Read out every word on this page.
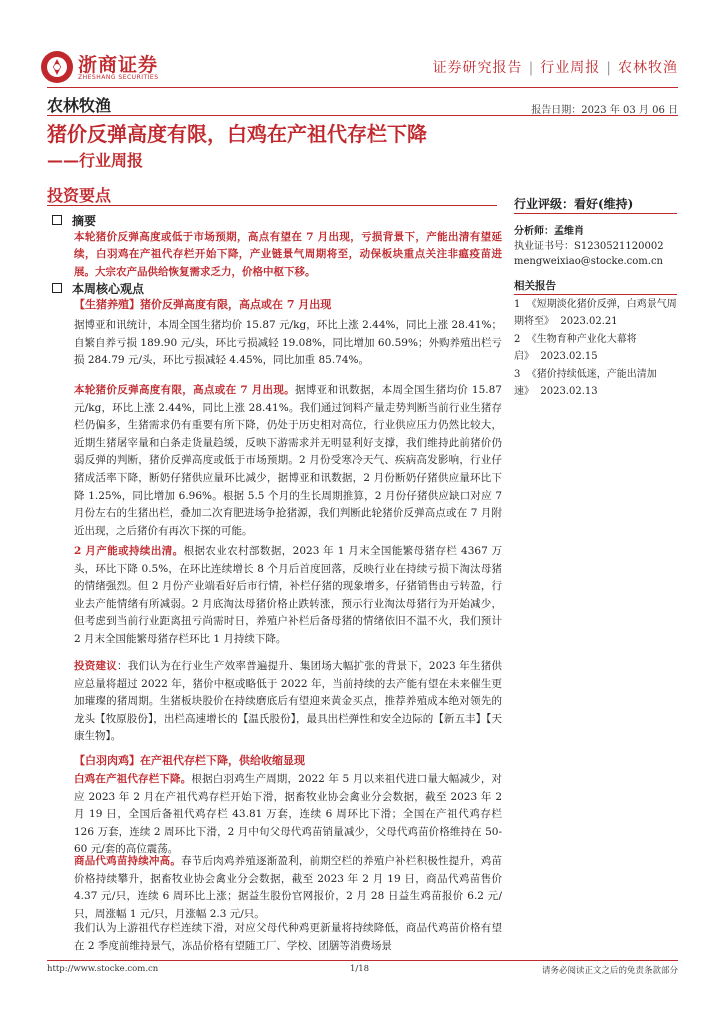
浙商证券
ZHESHANG SECURITIES
证券研究报告 | 行业周报 | 农林牧渔
农林牧渔	报告日期：2023 年 03 月 06 日
猪价反弹高度有限，白鸡在产祖代存栏下降
——行业周报
投资要点
摘要
本轮猪价反弹高度或低于市场预期，高点有望在 7 月出现，亏损背景下，产能出清有望延续，白羽鸡在产祖代存栏开始下降，产业链景气周期将至，动保板块重点关注非瘟疫苗进展。大宗农产品供给恢复需求乏力，价格中枢下移。
本周核心观点
【生猪养殖】猪价反弹高度有限，高点或在 7 月出现
据博亚和讯统计，本周全国生猪均价 15.87 元/kg，环比上涨 2.44%，同比上涨 28.41%；自繁自养亏损 189.90 元/头，环比亏损减轻 19.08%，同比增加 60.59%；外购养殖出栏亏损 284.79 元/头，环比亏损减轻 4.45%，同比加重 85.74%。
本轮猪价反弹高度有限，高点或在 7 月出现。据博亚和讯数据，本周全国生猪均价 15.87 元/kg，环比上涨 2.44%，同比上涨 28.41%。我们通过饲料产量走势判断当前行业生猪存栏仍偏多，生猪需求仍有重要有所下降，仍处于历史相对高位，行业供应压力仍然比较大，近期生猪屠宰量和白条走货量趋缓，反映下游需求并无明显利好支撑，我们维持此前猪价仍弱反弹的判断，猪价反弹高度或低于市场预期。2 月份受寒冷天气、疾病高发影响，行业仔猪成活率下降，断奶仔猪供应量环比减少，据博亚和讯数据，2 月份断奶仔猪供应量环比下降 1.25%，同比增加 6.96%。根据 5.5 个月的生长周期推算，2 月份仔猪供应缺口对应 7 月份左右的生猪出栏，叠加二次育肥进场争抢猪源，我们判断此轮猪价反弹高点或在 7 月附近出现，之后猪价有再次下探的可能。
2 月产能或持续出清。根据农业农村部数据，2023 年 1 月末全国能繁母猪存栏 4367 万头，环比下降 0.5%，在环比连续增长 8 个月后首度回落，反映行业在持续亏损下淘汰母猪的情绪强烈。但 2 月份产业端看好后市行情，补栏仔猪的现象增多，仔猪销售由亏转盈，行业去产能情绪有所减弱。2 月底淘汰母猪价格止跌转涨，预示行业淘汰母猪行为开始减少，但考虑到当前行业距离扭亏尚需时日，养殖户补栏后备母猪的情绪依旧不温不火，我们预计 2 月末全国能繁母猪存栏环比 1 月持续下降。
投资建议：我们认为在行业生产效率普遍提升、集团场大幅扩张的背景下，2023 年生猪供应总量将超过 2022 年，猪价中枢或略低于 2022 年，当前持续的去产能有望在未来催生更加璀璨的猪周期。生猪板块股价在持续磨底后有望迎来黄金买点，推荐养殖成本绝对领先的龙头【牧原股份】，出栏高速增长的【温氏股份】，最具出栏弹性和安全边际的【新五丰】【天康生物】。
【白羽肉鸡】在产祖代存栏下降，供给收缩显现
白鸡在产祖代存栏下降。根据白羽鸡生产周期，2022 年 5 月以来祖代进口量大幅减少，对应 2023 年 2 月在产祖代鸡存栏开始下滑，据畜牧业协会禽业分会数据，截至 2023 年 2 月 19 日，全国后备祖代鸡存栏 43.81 万套，连续 6 周环比下滑；全国在产祖代鸡存栏 126 万套，连续 2 周环比下滑，2 月中旬父母代鸡苗销量减少，父母代鸡苗价格维持在 50-60 元/套的高位震荡。
商品代鸡苗持续冲高。春节后肉鸡养殖逐渐盈利，前期空栏的养殖户补栏积极性提升，鸡苗价格持续攀升，据畜牧业协会禽业分会数据，截至 2023 年 2 月 19 日，商品代鸡苗售价 4.37 元/只，连续 6 周环比上涨；据益生股份官网报价，2 月 28 日益生鸡苗报价 6.2 元/只，周涨幅 1 元/只，月涨幅 2.3 元/只。
我们认为上游祖代存栏连续下滑，对应父母代种鸡更新量将持续降低，商品代鸡苗价格有望在 2 季度前维持景气，冻品价格有望随工厂、学校、团膳等消费场景
行业评级：看好(维持)
分析师：孟维肖
执业证书号：S1230521120002
mengweixiao@stocke.com.cn
相关报告
1 《短期淡化猪价反弹，白鸡景气周期将至》 2023.02.21
2 《生物育种产业化大幕将启》 2023.02.15
3 《猪价持续低迷，产能出清加速》 2023.02.13
http://www.stocke.com.cn	1/18	请务必阅读正文之后的免责条款部分
